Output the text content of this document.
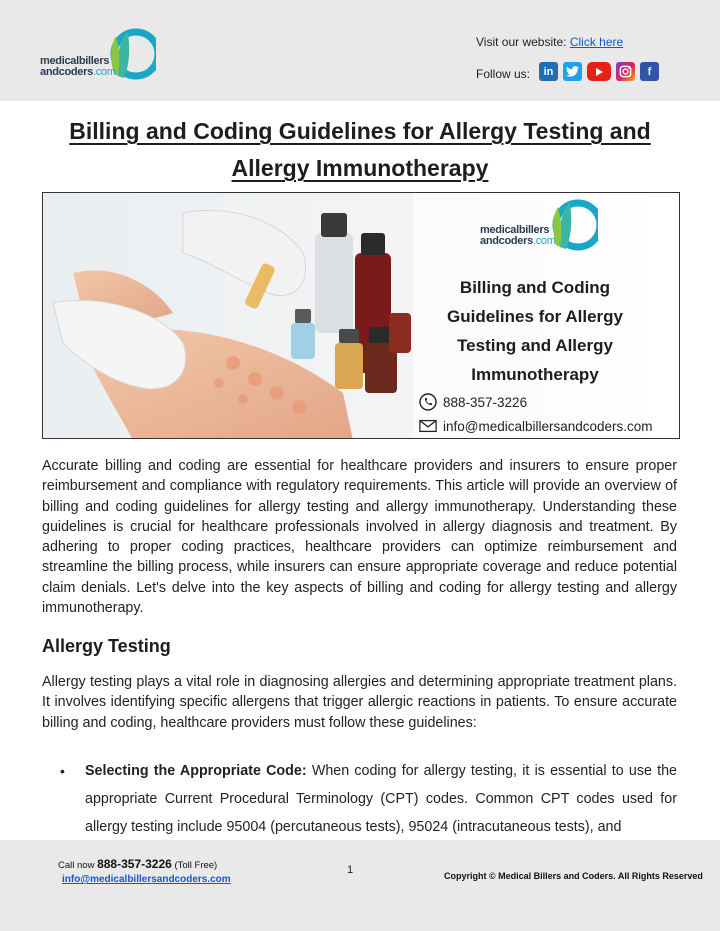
medicalbillers
andcoders.com
Visit our website: Click here
Follow us:	in	f
Billing and Coding Guidelines for Allergy Testing and
Allergy Immunotherapy
medicalbillers
andcoders.com
Billing and Coding
Guidelines for Allergy
Testing and Allergy
Immunotherapy
888-357-3226
info@medicalbillersandcoders.com
Accurate billing and coding are essential for healthcare providers and insurers to ensure proper reimbursement and compliance with regulatory requirements. This article will provide an overview of billing and coding guidelines for allergy testing and allergy immunotherapy. Understanding these guidelines is crucial for healthcare professionals involved in allergy diagnosis and treatment. By adhering to proper coding practices, healthcare providers can optimize reimbursement and streamline the billing process, while insurers can ensure appropriate coverage and reduce potential claim denials. Let's delve into the key aspects of billing and coding for allergy testing and allergy immunotherapy.
Allergy Testing
Allergy testing plays a vital role in diagnosing allergies and determining appropriate treatment plans. It involves identifying specific allergens that trigger allergic reactions in patients. To ensure accurate billing and coding, healthcare providers must follow these guidelines:
• Selecting the Appropriate Code: When coding for allergy testing, it is essential to use the appropriate Current Procedural Terminology (CPT) codes. Common CPT codes used for allergy testing include 95004 (percutaneous tests), 95024 (intracutaneous tests), and
Call now 888-357-3226 (Toll Free)
info@medicalbillersandcoders.com
1	Copyright © Medical Billers and Coders. All Rights Reserved
